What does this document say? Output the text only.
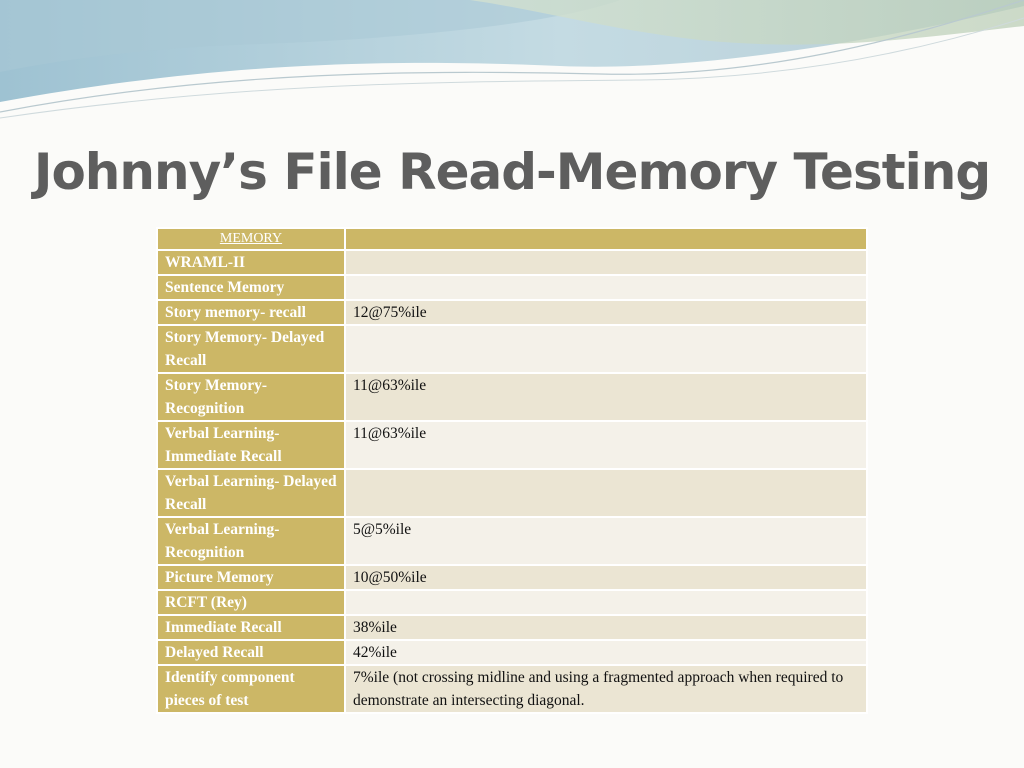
Johnny’s File Read-Memory Testing
MEMORY	
WRAML-II	
Sentence Memory	
Story memory- recall	12@75%ile
Story Memory- Delayed Recall	
Story Memory- Recognition	11@63%ile
Verbal Learning- Immediate Recall	11@63%ile
Verbal Learning- Delayed Recall	
Verbal Learning- Recognition	5@5%ile
Picture Memory	10@50%ile
RCFT (Rey)	
Immediate Recall	38%ile
Delayed Recall	42%ile
Identify component pieces of test	7%ile (not crossing midline and using a fragmented approach when required to demonstrate an intersecting diagonal.
